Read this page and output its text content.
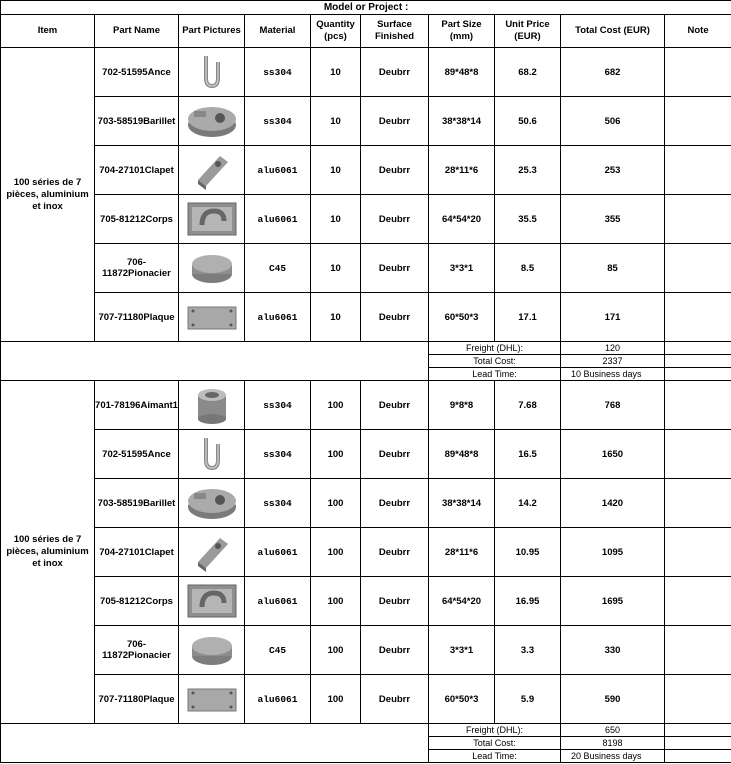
Model or Project :									
Item	Part Name	Part Pictures	Material	Quantity (pcs)	Surface Finished	Part Size (mm)	Unit Price (EUR)	Total Cost (EUR)	Note
100 séries de 7 pièces, aluminium et inox	702-51595Ance		ss304	10	Deubrr	89*48*8	68.2	682	
	703-58519Barillet		ss304	10	Deubrr	38*38*14	50.6	506	
	704-27101Clapet		alu6061	10	Deubrr	28*11*6	25.3	253	
	705-81212Corps		alu6061	10	Deubrr	64*54*20	35.5	355	
	706-11872Pionacier		C45	10	Deubrr	3*3*1	8.5	85	
	707-71180Plaque		alu6061	10	Deubrr	60*50*3	17.1	171	
						Freight (DHL):		120	
						Total Cost:		2337	
						Lead Time:		10 Business days	
100 séries de 7 pièces, aluminium et inox	701-78196Aimant1		ss304	100	Deubrr	9*8*8	7.68	768	
	702-51595Ance		ss304	100	Deubrr	89*48*8	16.5	1650	
	703-58519Barillet		ss304	100	Deubrr	38*38*14	14.2	1420	
	704-27101Clapet		alu6061	100	Deubrr	28*11*6	10.95	1095	
	705-81212Corps		alu6061	100	Deubrr	64*54*20	16.95	1695	
	706-11872Pionacier		C45	100	Deubrr	3*3*1	3.3	330	
	707-71180Plaque		alu6061	100	Deubrr	60*50*3	5.9	590	
						Freight (DHL):		650	
						Total Cost:		8198	
						Lead Time:		20 Business days	
